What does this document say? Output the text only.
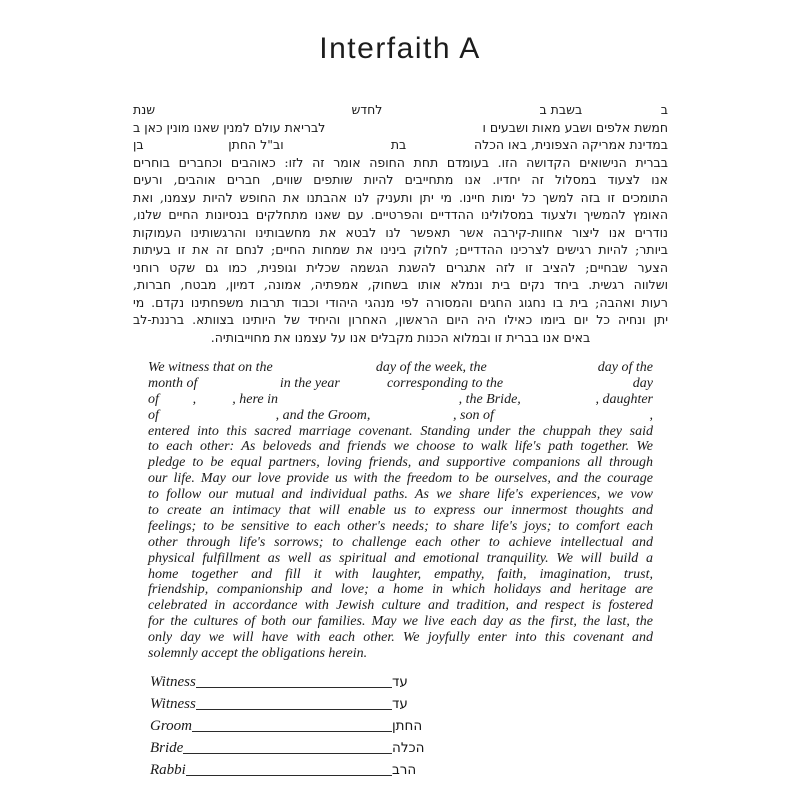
Interfaith A
ב
בשבת ב
לחדש
שנת
חמשת אלפים ושבע מאות ושבעים ו
לבריאת עולם למנין שאנו מונין כאן ב
במדינת אמריקה הצפונית, באו הכלה
בת
וב"ל החתן
בן
בברית הנישואים הקדושה הזו. בעומדם תחת החופה אומר זה לזו: כאוהבים וכחברים בוחרים
אנו לצעוד במסלול זה יחדיו. אנו מתחייבים להיות שותפים שווים, חברים אוהבים, ורעים
התומכים זו בזה למשך כל ימות חיינו. מי יתן ותעניק לנו אהבתנו את החופש להיות עצמנו, ואת
האומץ להמשיך ולצעוד במסלולינו ההדדיים והפרטיים. עם שאנו מתחלקים בנסיונות החיים שלנו,
נודרים אנו ליצור אחוות-קירבה אשר תאפשר לנו לבטא את מחשבותינו והרגשותינו העמוקות
ביותר; להיות רגישים לצרכינו ההדדיים; לחלוק בינינו את שמחות החיים; לנחם זה את זו בעיתות
הצער שבחיים; להציב זו לזה אתגרים להשגת הגשמה שכלית וגופנית, כמו גם שקט רוחני
ושלווה רגשית. ביחד נקים בית ונמלא אותו בשחוק, אמפתיה, אמונה, דמיון, מבטח, חברות,
רעות ואהבה; בית בו נחגוג החגים והמסורה לפי מנהגי היהודי וכבוד תרבות משפחתינו נקדם. מי
יתן ונחיה כל יום ביומו כאילו היה היום הראשון, האחרון והיחיד של היותינו בצוותא. ברננת-לב
באים אנו בברית זו ובמלוא הכנות מקבלים אנו על עצמנו את מחוייבותיה.
We witness that on the	day of the week, the	day of the
month of	in the year	corresponding to the	day
of ,	, here in	, the Bride,	, daughter
of	, and the Groom,	, son of	,
entered into this sacred marriage covenant. Standing under the chuppah they said
to each other: As beloveds and friends we choose to walk life's path together. We
pledge to be equal partners, loving friends, and supportive companions all through
our life. May our love provide us with the freedom to be ourselves, and the courage
to follow our mutual and individual paths. As we share life's experiences, we vow
to create an intimacy that will enable us to express our innermost thoughts and
feelings; to be sensitive to each other's needs; to share life's joys; to comfort each
other through life's sorrows; to challenge each other to achieve intellectual and
physical fulfillment as well as spiritual and emotional tranquility. We will build a
home together and fill it with laughter, empathy, faith, imagination, trust,
friendship, companionship and love; a home in which holidays and heritage are
celebrated in accordance with Jewish culture and tradition, and respect is fostered
for the cultures of both our families. May we live each day as the first, the last, the
only day we will have with each other. We joyfully enter into this covenant and
solemnly accept the obligations herein.
Witness	עד
Witness	עד
Groom	החתן
Bride	הכלה
Rabbi	הרב
